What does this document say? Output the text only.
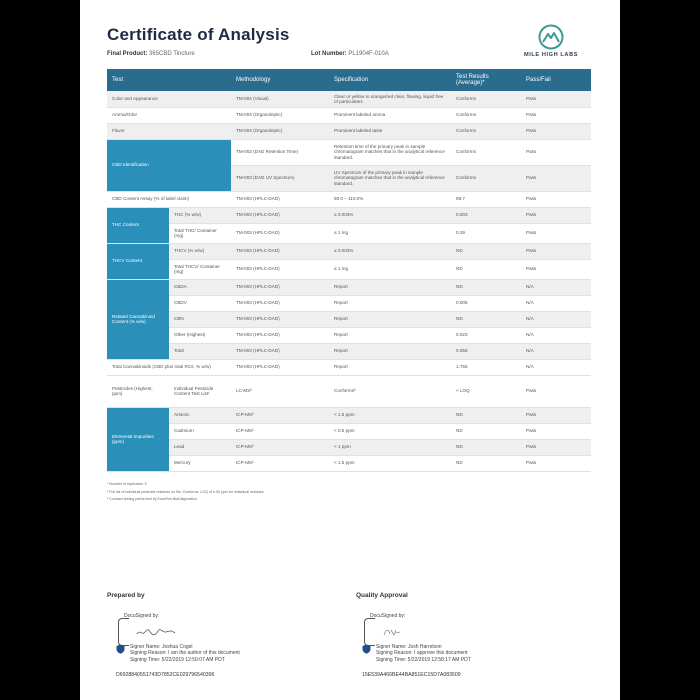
Certificate of Analysis
Final Product: 365CBD Tincture	Lot Number: PL1904F-010A	MILE HIGH LABS
Test		Methodology	Specification	Test Results (Average)*	Pass/Fail
Color and Appearance		TM-004 (Visual)	Clear or yellow to orange/red clear, flowing, liquid free of particulates	Conforms	Pass
Aroma/Odor		TM-004 (Organoleptic)	Prominent labeled aroma	Conforms	Pass
Flavor		TM-004 (Organoleptic)	Prominent labeled taste	Conforms	Pass
CBD Identification		TM-003 (DAD Retention Time)	Retention time of the primary peak in sample chromatogram matches that in the analytical reference standard.	Conforms	Pass
		TM-003 (DAD UV Spectrum)	UV Spectrum of the primary peak in sample chromatogram matches that in the analytical reference standard.	Conforms	Pass
CBD Content Assay (% of label claim)		TM-003 (HPLC-DAD)	90.0 – 110.0%	98.7	Pass
THC Content	THC (% w/w)	TM-003 (HPLC-DAD)	≤ 0.003%	0.003	Pass
	Total THC/ Container (mg)	TM-003 (HPLC-DAD)	≤ 1 mg	0.29	Pass
THCV Content	THCV (% w/w)	TM-003 (HPLC-DAD)	≤ 0.003%	ND	Pass
	Total THCV/ Container (mg)	TM-003 (HPLC-DAD)	≤ 1 mg	ND	Pass
Related Cannabinoid Content (% w/w)	CBDA	TM-003 (HPLC-DAD)	Report	ND	N/A
	CBDV	TM-003 (HPLC-DAD)	Report	0.005	N/A
	CBN	TM-003 (HPLC-DAD)	Report	ND	N/A
	Other (Highest)	TM-003 (HPLC-DAD)	Report	0.023	N/A
	Total	TM-003 (HPLC-DAD)	Report	0.056	N/A
Total Cannabinoids (CBD plus total RCs, % w/w)		TM-003 (HPLC-DAD)	Report	1.755	N/A
Pesticides (Highest, ppm)	Individual Pesticide Content Test List¹	LC-MS²	Conforms²	< LOQ	Pass
Elemental Impurities (ppm)	Arsenic	ICP-MS²	< 1.5 ppm	ND	Pass
	Cadmium	ICP-MS²	< 0.5 ppm	ND	Pass
	Lead	ICP-MS²	< 1 ppm	ND	Pass
	Mercury	ICP-MS²	< 1.5 ppm	ND	Pass
* Number of replicates: 3
¹ Full list of individual pesticide residues on file. Conforms: LOQ of 0.05 ppm for individual residues.
² Contract testing performed by EuroFins BioDiagnostics.
Prepared by	Quality Approval
DocuSigned by:
Signer Name: Joshua Cogel
Signing Reason: I am the author of this document
Signing Time: 5/22/2019 12:50:07 AM PDT
D6928840551743D7852CE029796540396
DocuSigned by:
Signer Name: Josh Harrelson
Signing Reason: I approve this document
Signing Time: 5/22/2019 12:58:17 AM PDT
15E539A466BE44BA851EC15D7A083509
